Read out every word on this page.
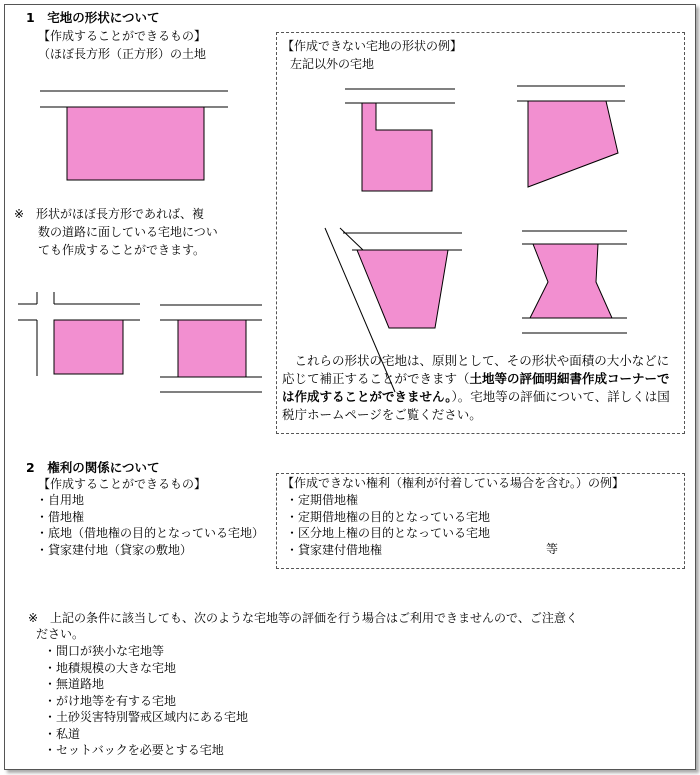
1　宅地の形状について
【作成することができるもの】
（ほぼ長方形（正方形）の土地
※　形状がほぼ長方形であれば、複
数の道路に面している宅地につい
ても作成することができます。
【作成できない宅地の形状の例】
左記以外の宅地
　これらの形状の宅地は、原則として、その形状や面積の大小などに応じて補正することができます（土地等の評価明細書作成コーナーでは作成することができません。）。宅地等の評価について、詳しくは国税庁ホームページをご覧ください。
2　権利の関係について
【作成することができるもの】
・自用地
・借地権
・底地（借地権の目的となっている宅地）
・貸家建付地（貸家の敷地）
【作成できない権利（権利が付着している場合を含む。）の例】
・定期借地権
・定期借地権の目的となっている宅地
・区分地上権の目的となっている宅地
・貸家建付借地権	等
※　上記の条件に該当しても、次のような宅地等の評価を行う場合はご利用できませんので、ご注意く
ださい。
・間口が狭小な宅地等
・地積規模の大きな宅地
・無道路地
・がけ地等を有する宅地
・土砂災害特別警戒区域内にある宅地
・私道
・セットバックを必要とする宅地
